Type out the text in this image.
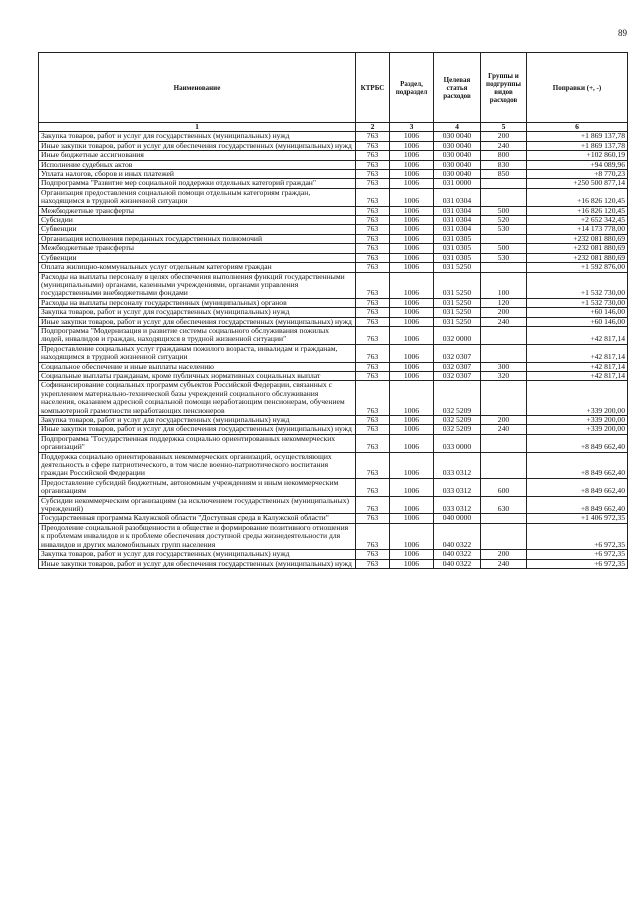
89
Наименование	КТРБС	Раздел, подраздел	Целевая статья расходов	Группы и подгруппы видов расходов	Поправки (+, -)
1	2	3	4	5	6
Закупка товаров, работ и услуг для государственных (муниципальных) нужд	763	1006	030 0040	200	+1 869 137,78
Иные закупки товаров, работ и услуг для обеспечения государственных (муниципальных) нужд	763	1006	030 0040	240	+1 869 137,78
Иные бюджетные ассигнования	763	1006	030 0040	800	+102 860,19
Исполнение судебных актов	763	1006	030 0040	830	+94 089,96
Уплата налогов, сборов и иных платежей	763	1006	030 0040	850	+8 770,23
Подпрограмма "Развитие мер социальной поддержки отдельных категорий граждан"	763	1006	031 0000		+250 500 877,14
Организация предоставления социальной помощи отдельным категориям граждан, находящимся в трудной жизненной ситуации	763	1006	031 0304		+16 826 120,45
Межбюджетные трансферты	763	1006	031 0304	500	+16 826 120,45
Субсидии	763	1006	031 0304	520	+2 652 342,45
Субвенции	763	1006	031 0304	530	+14 173 778,00
Организация исполнения переданных государственных полномочий	763	1006	031 0305		+232 081 880,69
Межбюджетные трансферты	763	1006	031 0305	500	+232 081 880,69
Субвенции	763	1006	031 0305	530	+232 081 880,69
Оплата жилищно-коммунальных услуг отдельным категориям граждан	763	1006	031 5250		+1 592 876,00
Расходы на выплаты персоналу в целях обеспечения выполнения функций государственными (муниципальными) органами, казенными учреждениями, органами управления государственными внебюджетными фондами	763	1006	031 5250	100	+1 532 730,00
Расходы на выплаты персоналу государственных (муниципальных) органов	763	1006	031 5250	120	+1 532 730,00
Закупка товаров, работ и услуг для государственных (муниципальных) нужд	763	1006	031 5250	200	+60 146,00
Иные закупки товаров, работ и услуг для обеспечения государственных (муниципальных) нужд	763	1006	031 5250	240	+60 146,00
Подпрограмма "Модернизация и развитие системы социального обслуживания пожилых людей, инвалидов и граждан, находящихся в трудной жизненной ситуации"	763	1006	032 0000		+42 817,14
Предоставление социальных услуг гражданам пожилого возраста, инвалидам и гражданам, находящимся в трудной жизненной ситуации	763	1006	032 0307		+42 817,14
Социальное обеспечение и иные выплаты населению	763	1006	032 0307	300	+42 817,14
Социальные выплаты гражданам, кроме публичных нормативных социальных выплат	763	1006	032 0307	320	+42 817,14
Софинансирование социальных программ субъектов Российской Федерации, связанных с укреплением материально-технической базы учреждений социального обслуживания населения, оказанием адресной социальной помощи неработающим пенсионерам, обучением компьютерной грамотности неработающих пенсионеров	763	1006	032 5209		+339 200,00
Закупка товаров, работ и услуг для государственных (муниципальных) нужд	763	1006	032 5209	200	+339 200,00
Иные закупки товаров, работ и услуг для обеспечения государственных (муниципальных) нужд	763	1006	032 5209	240	+339 200,00
Подпрограмма "Государственная поддержка социально ориентированных некоммерческих организаций"	763	1006	033 0000		+8 849 662,40
Поддержка социально ориентированных некоммерческих организаций, осуществляющих деятельность в сфере патриотического, в том числе военно-патриотического воспитания граждан Российской Федерации	763	1006	033 0312		+8 849 662,40
Предоставление субсидий бюджетным, автономным учреждениям и иным некоммерческим организациям	763	1006	033 0312	600	+8 849 662,40
Субсидии некоммерческим организациям (за исключением государственных (муниципальных) учреждений)	763	1006	033 0312	630	+8 849 662,40
Государственная программа Калужской области "Доступная среда в Калужской области"	763	1006	040 0000		+1 406 972,35
Преодоление социальной разобщенности в обществе и формирование позитивного отношения к проблемам инвалидов и к проблеме обеспечения доступной среды жизнедеятельности для инвалидов и других маломобильных групп населения	763	1006	040 0322		+6 972,35
Закупка товаров, работ и услуг для государственных (муниципальных) нужд	763	1006	040 0322	200	+6 972,35
Иные закупки товаров, работ и услуг для обеспечения государственных (муниципальных) нужд	763	1006	040 0322	240	+6 972,35
